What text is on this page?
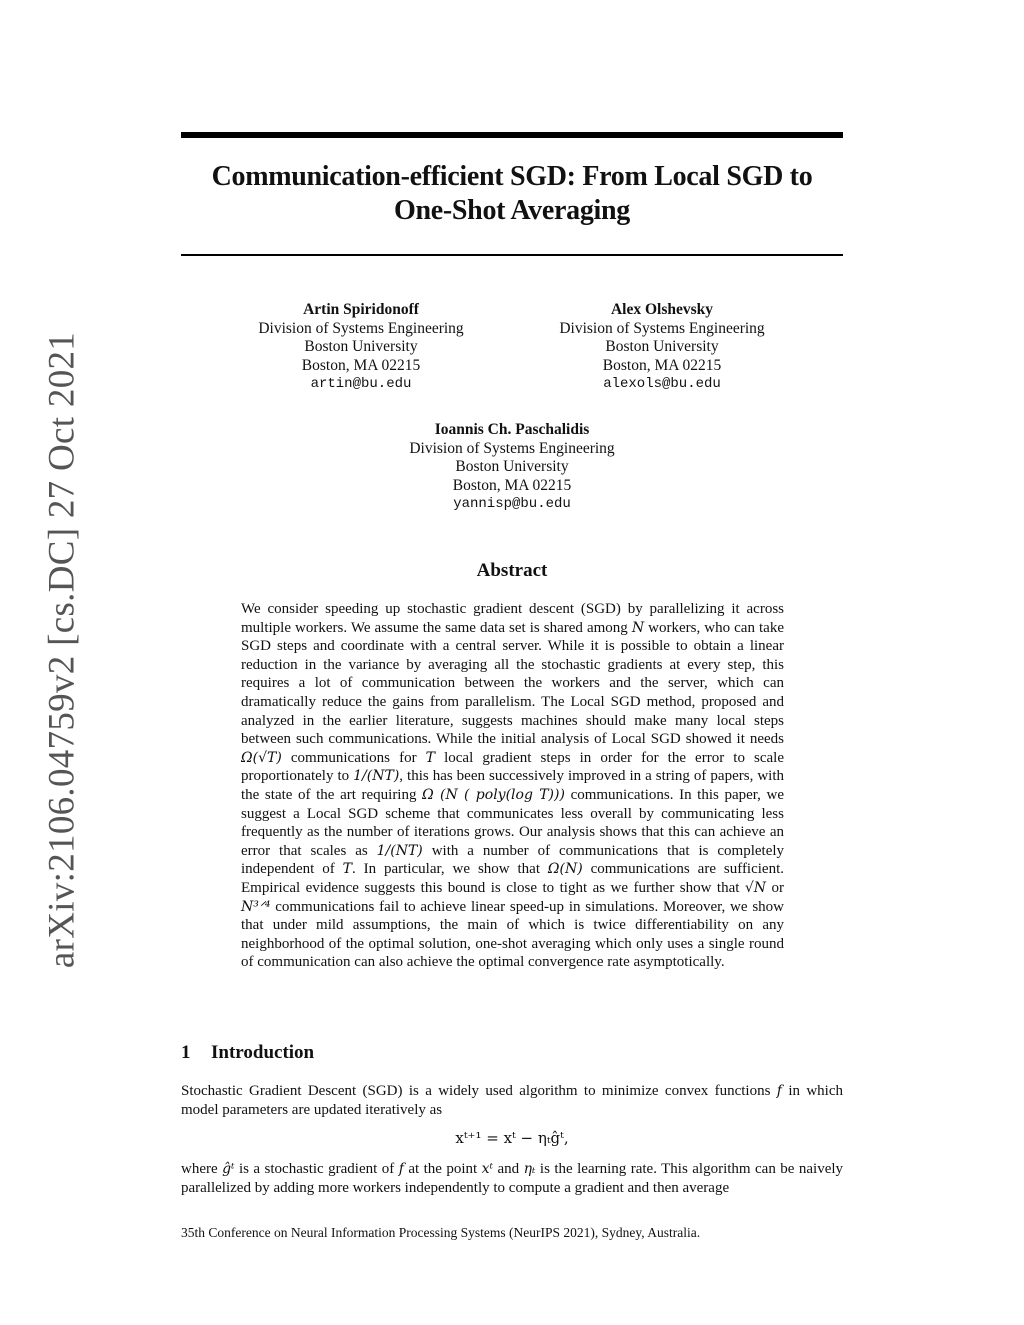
arXiv:2106.04759v2 [cs.DC] 27 Oct 2021
Communication-efficient SGD: From Local SGD to
One-Shot Averaging
Artin Spiridonoff
Division of Systems Engineering
Boston University
Boston, MA 02215
artin@bu.edu
Alex Olshevsky
Division of Systems Engineering
Boston University
Boston, MA 02215
alexols@bu.edu
Ioannis Ch. Paschalidis
Division of Systems Engineering
Boston University
Boston, MA 02215
yannisp@bu.edu
Abstract
We consider speeding up stochastic gradient descent (SGD) by parallelizing it across multiple workers. We assume the same data set is shared among N workers, who can take SGD steps and coordinate with a central server. While it is possible to obtain a linear reduction in the variance by averaging all the stochastic gradients at every step, this requires a lot of communication between the workers and the server, which can dramatically reduce the gains from parallelism. The Local SGD method, proposed and analyzed in the earlier literature, suggests machines should make many local steps between such communications. While the initial analysis of Local SGD showed it needs Ω(√T) communications for T local gradient steps in order for the error to scale proportionately to 1/(NT), this has been successively improved in a string of papers, with the state of the art requiring Ω (N ( poly(log T))) communications. In this paper, we suggest a Local SGD scheme that communicates less overall by communicating less frequently as the number of iterations grows. Our analysis shows that this can achieve an error that scales as 1/(NT) with a number of communications that is completely independent of T. In particular, we show that Ω(N) communications are sufficient. Empirical evidence suggests this bound is close to tight as we further show that √N or N³ᐟ⁴ communications fail to achieve linear speed-up in simulations. Moreover, we show that under mild assumptions, the main of which is twice differentiability on any neighborhood of the optimal solution, one-shot averaging which only uses a single round of communication can also achieve the optimal convergence rate asymptotically.
1 Introduction
Stochastic Gradient Descent (SGD) is a widely used algorithm to minimize convex functions f in which model parameters are updated iteratively as
xᵗ⁺¹ = xᵗ − ηₜĝᵗ,
where ĝᵗ is a stochastic gradient of f at the point xᵗ and ηₜ is the learning rate. This algorithm can be naively parallelized by adding more workers independently to compute a gradient and then average
35th Conference on Neural Information Processing Systems (NeurIPS 2021), Sydney, Australia.
